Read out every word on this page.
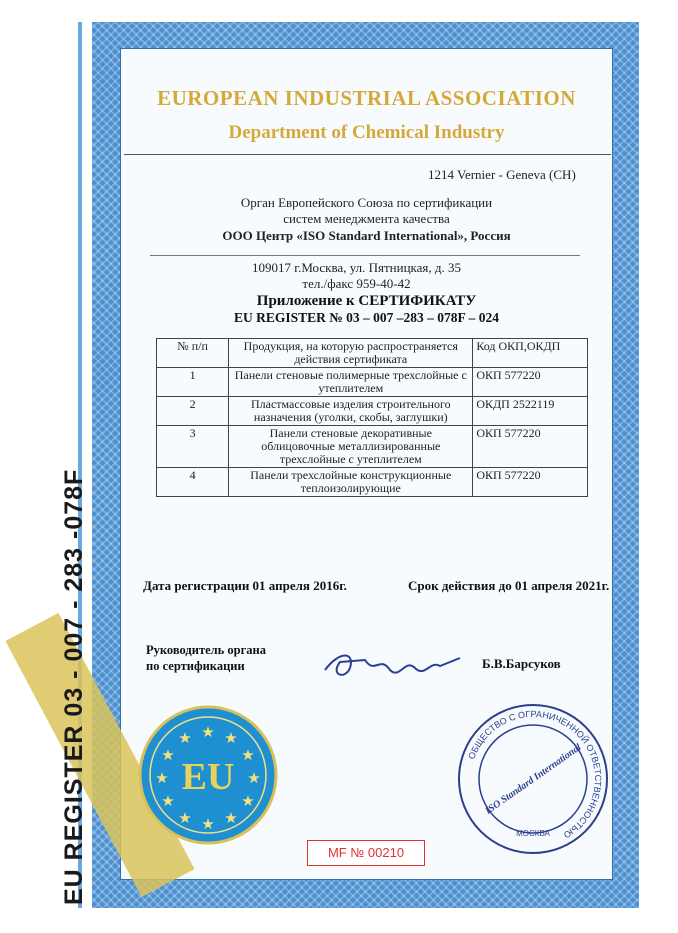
EU REGISTER 03 - 007 - 283 -078F
EUROPEAN INDUSTRIAL ASSOCIATION
Department of Chemical Industry
1214 Vernier - Geneva (CH)
Орган Европейского Союза по сертификации
систем менеджмента качества
ООО Центр «ISO Standard International», Россия
109017 г.Москва, ул. Пятницкая, д. 35
тел./факс 959-40-42
Приложение к СЕРТИФИКАТУ
EU REGISTER № 03 – 007 –283 – 078F – 024
№ п/п	Продукция, на которую распространяется действия сертификата	Код ОКП,ОКДП
1	Панели стеновые полимерные трехслойные с утеплителем	ОКП 577220
2	Пластмассовые изделия строительного назначения (уголки, скобы, заглушки)	ОКДП 2522119
3	Панели стеновые декоративные облицовочные металлизированные трехслойные с утеплителем	ОКП 577220
4	Панели трехслойные конструкционные теплоизолирующие	ОКП 577220
Дата регистрации 01 апреля 2016г.	Срок действия до 01 апреля 2021г.
Руководитель органа
по сертификации	Б.В.Барсуков
★ ★
★
★
★
★
★
★
★
★
★
★
EU
ОБЩЕСТВО С ОГРАНИЧЕННОЙ ОТВЕТСТВЕННОСТЬЮ
ISO Standard International
МОСКВА
MF № 00210
